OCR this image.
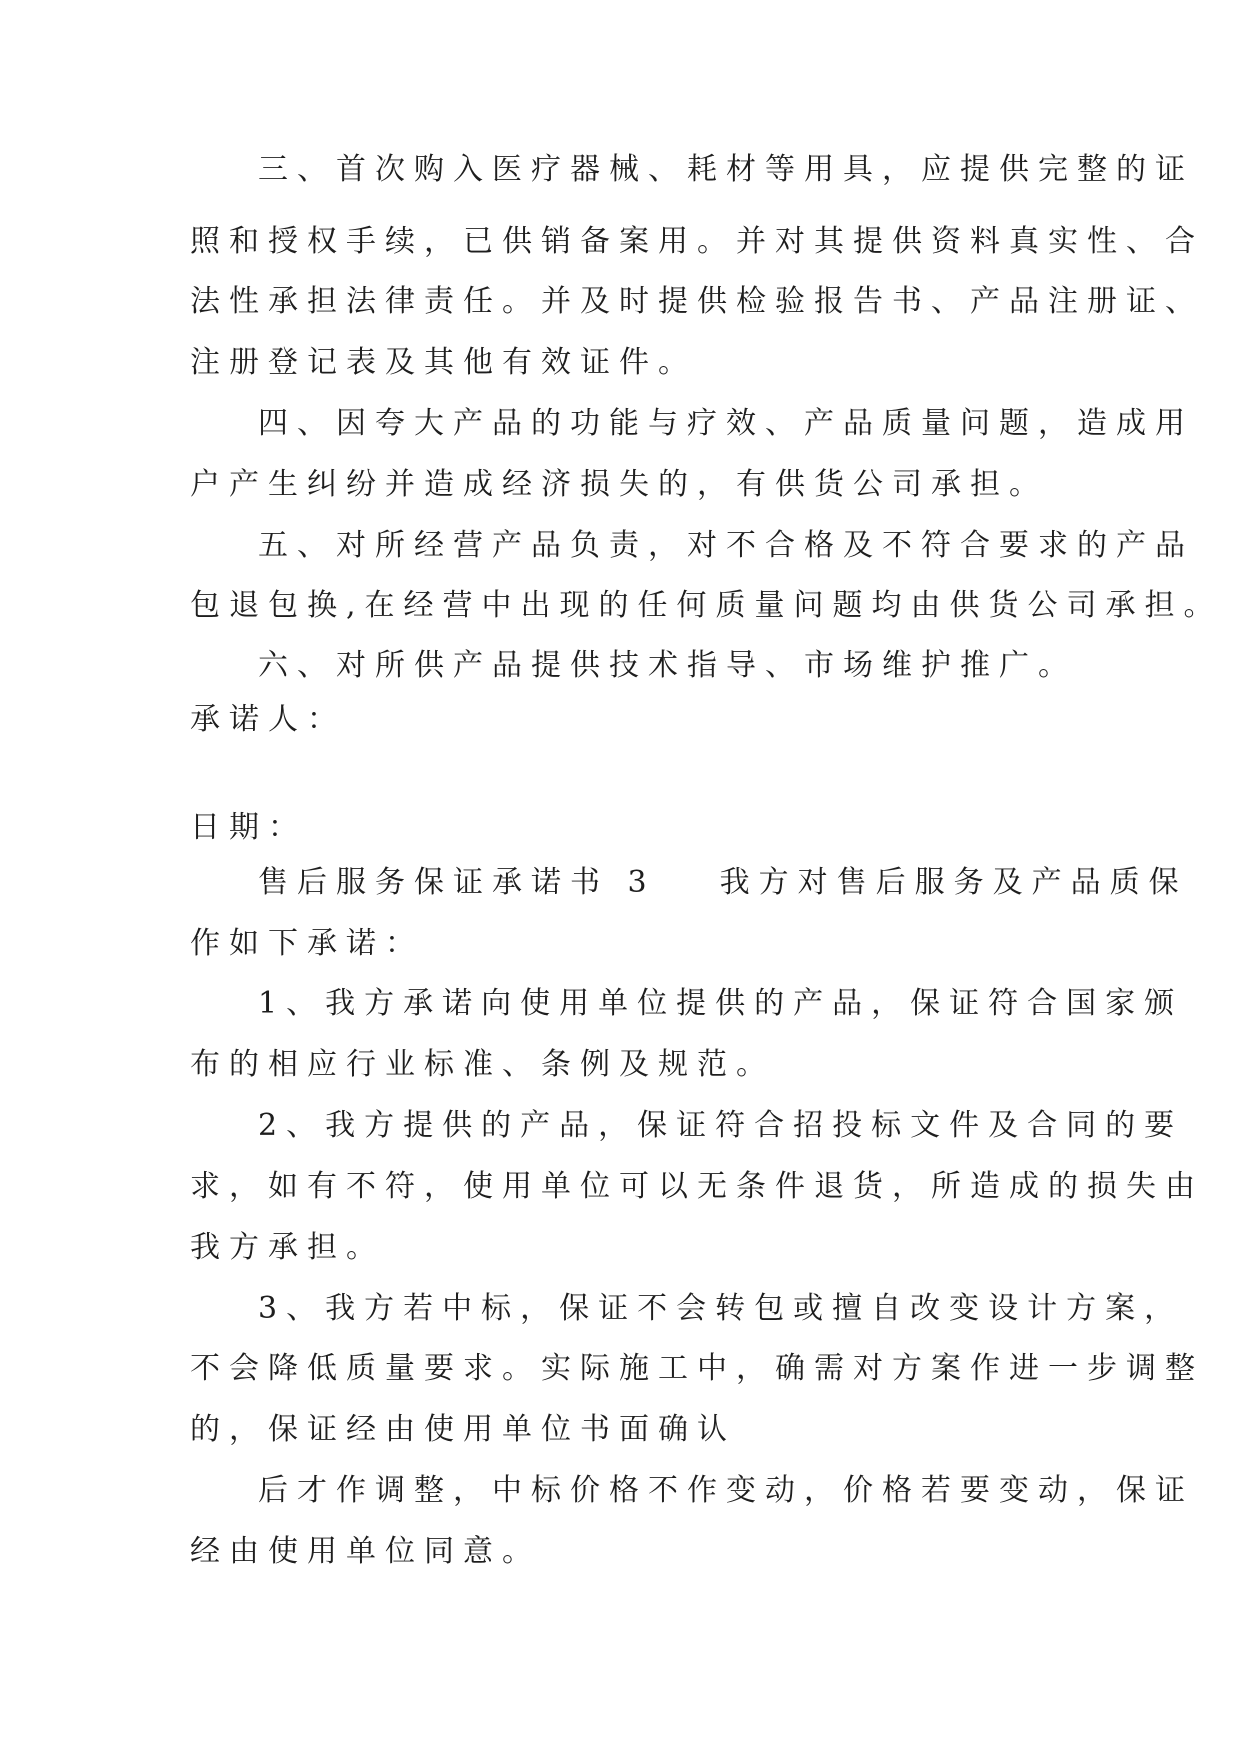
三、首次购入医疗器械、耗材等用具，应提供完整的证

照和授权手续，已供销备案用。并对其提供资料真实性、合

法性承担法律责任。并及时提供检验报告书、产品注册证、

注册登记表及其他有效证件。

四、因夸大产品的功能与疗效、产品质量问题，造成用

户产生纠纷并造成经济损失的，有供货公司承担。

五、对所经营产品负责，对不合格及不符合要求的产品

包退包换,在经营中出现的任何质量问题均由供货公司承担。

六、对所供产品提供技术指导、市场维护推广。

承诺人：

日期：

售后服务保证承诺书 3 我方对售后服务及产品质保

作如下承诺：

1、我方承诺向使用单位提供的产品，保证符合国家颁

布的相应行业标准、条例及规范。

2、我方提供的产品，保证符合招投标文件及合同的要

求，如有不符，使用单位可以无条件退货，所造成的损失由

我方承担。

3、我方若中标，保证不会转包或擅自改变设计方案，

不会降低质量要求。实际施工中，确需对方案作进一步调整

的，保证经由使用单位书面确认

后才作调整，中标价格不作变动，价格若要变动，保证

经由使用单位同意。
